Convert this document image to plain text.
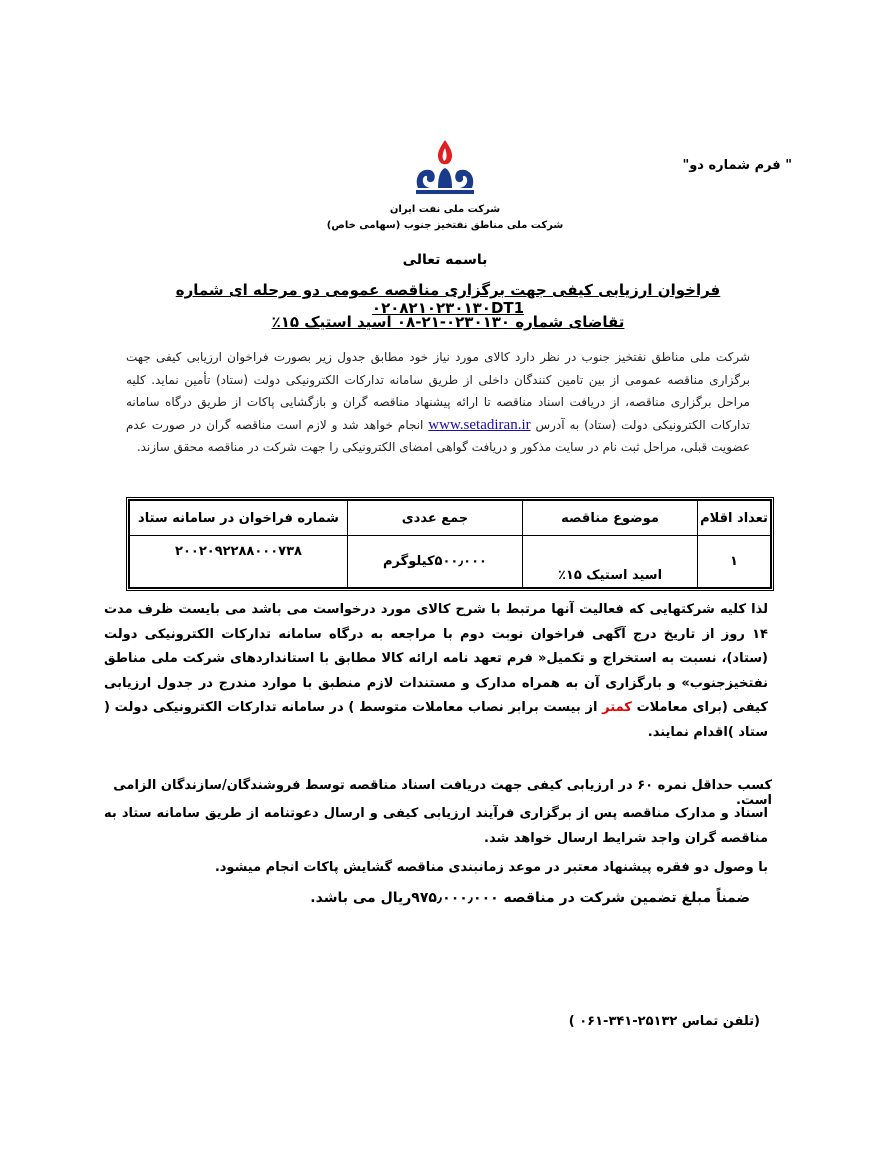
" فرم شماره دو"
شرکت ملی نفت ایران
شرکت ملی مناطق نفتخیز جنوب (سهامی خاص)
باسمه تعالی
فراخوان ارزیابی کیفی جهت برگزاری مناقصه عمومی دو مرحله ای شماره ۰۲۰۸۲۱۰۲۳۰۱۳۰DT1
تقاضای شماره ۰۲۳۰۱۳۰-۲۱-۰۸ اسید استیک ۱۵٪
شرکت ملی مناطق نفتخیز جنوب در نظر دارد کالای مورد نیاز خود مطابق جدول زیر بصورت فراخوان ارزیابی کیفی جهت برگزاری مناقصه عمومی از بین تامین کنندگان داخلی از طریق سامانه تدارکات الکترونیکی دولت (ستاد) تأمین نماید. کلیه مراحل برگزاری مناقصه، از دریافت اسناد مناقصه تا ارائه پیشنهاد مناقصه گران و بازگشایی پاکات از طریق درگاه سامانه تدارکات الکترونیکی دولت (ستاد) به آدرس www.setadiran.ir انجام خواهد شد و لازم است مناقصه گران در صورت عدم عضویت قبلی، مراحل ثبت نام در سایت مذکور و دریافت گواهی امضای الکترونیکی را جهت شرکت در مناقصه محقق سازند.
تعداد اقلام	موضوع مناقصه	جمع عددی	شماره فراخوان در سامانه ستاد
۱	اسید استیک ۱۵٪	۵۰۰٫۰۰۰کیلوگرم	۲۰۰۲۰۹۲۲۸۸۰۰۰۷۳۸
لذا کلیه شرکتهایی که فعالیت آنها مرتبط با شرح کالای مورد درخواست می باشد می بایست ظرف مدت ۱۴ روز از تاریخ درج آگهی فراخوان نوبت دوم با مراجعه به درگاه سامانه تدارکات الکترونیکی دولت (ستاد)، نسبت به استخراج و تکمیل« فرم تعهد نامه ارائه کالا مطابق با استانداردهای شرکت ملی مناطق نفتخیزجنوب» و بارگزاری آن به همراه مدارک و مستندات لازم منطبق با موارد مندرج در جدول ارزیابی کیفی (برای معاملات کمتر از بیست برابر نصاب معاملات متوسط ) در سامانه تدارکات الکترونیکی دولت ( ستاد )اقدام نمایند.
کسب حداقل نمره ۶۰ در ارزیابی کیفی جهت دریافت اسناد مناقصه توسط فروشندگان/سازندگان الزامی است.
اسناد و مدارک مناقصه پس از برگزاری فرآیند ارزیابی کیفی و ارسال دعوتنامه از طریق سامانه ستاد به مناقصه گران واجد شرایط ارسال خواهد شد.
با وصول دو فقره پیشنهاد معتبر در موعد زمانبندی مناقصه گشایش پاکات انجام میشود.
ضمناً مبلغ تضمین شرکت در مناقصه ۹۷۵٫۰۰۰٫۰۰۰ریال می باشد.
(تلفن تماس ۲۵۱۳۲-۳۴۱-۰۶۱ )
